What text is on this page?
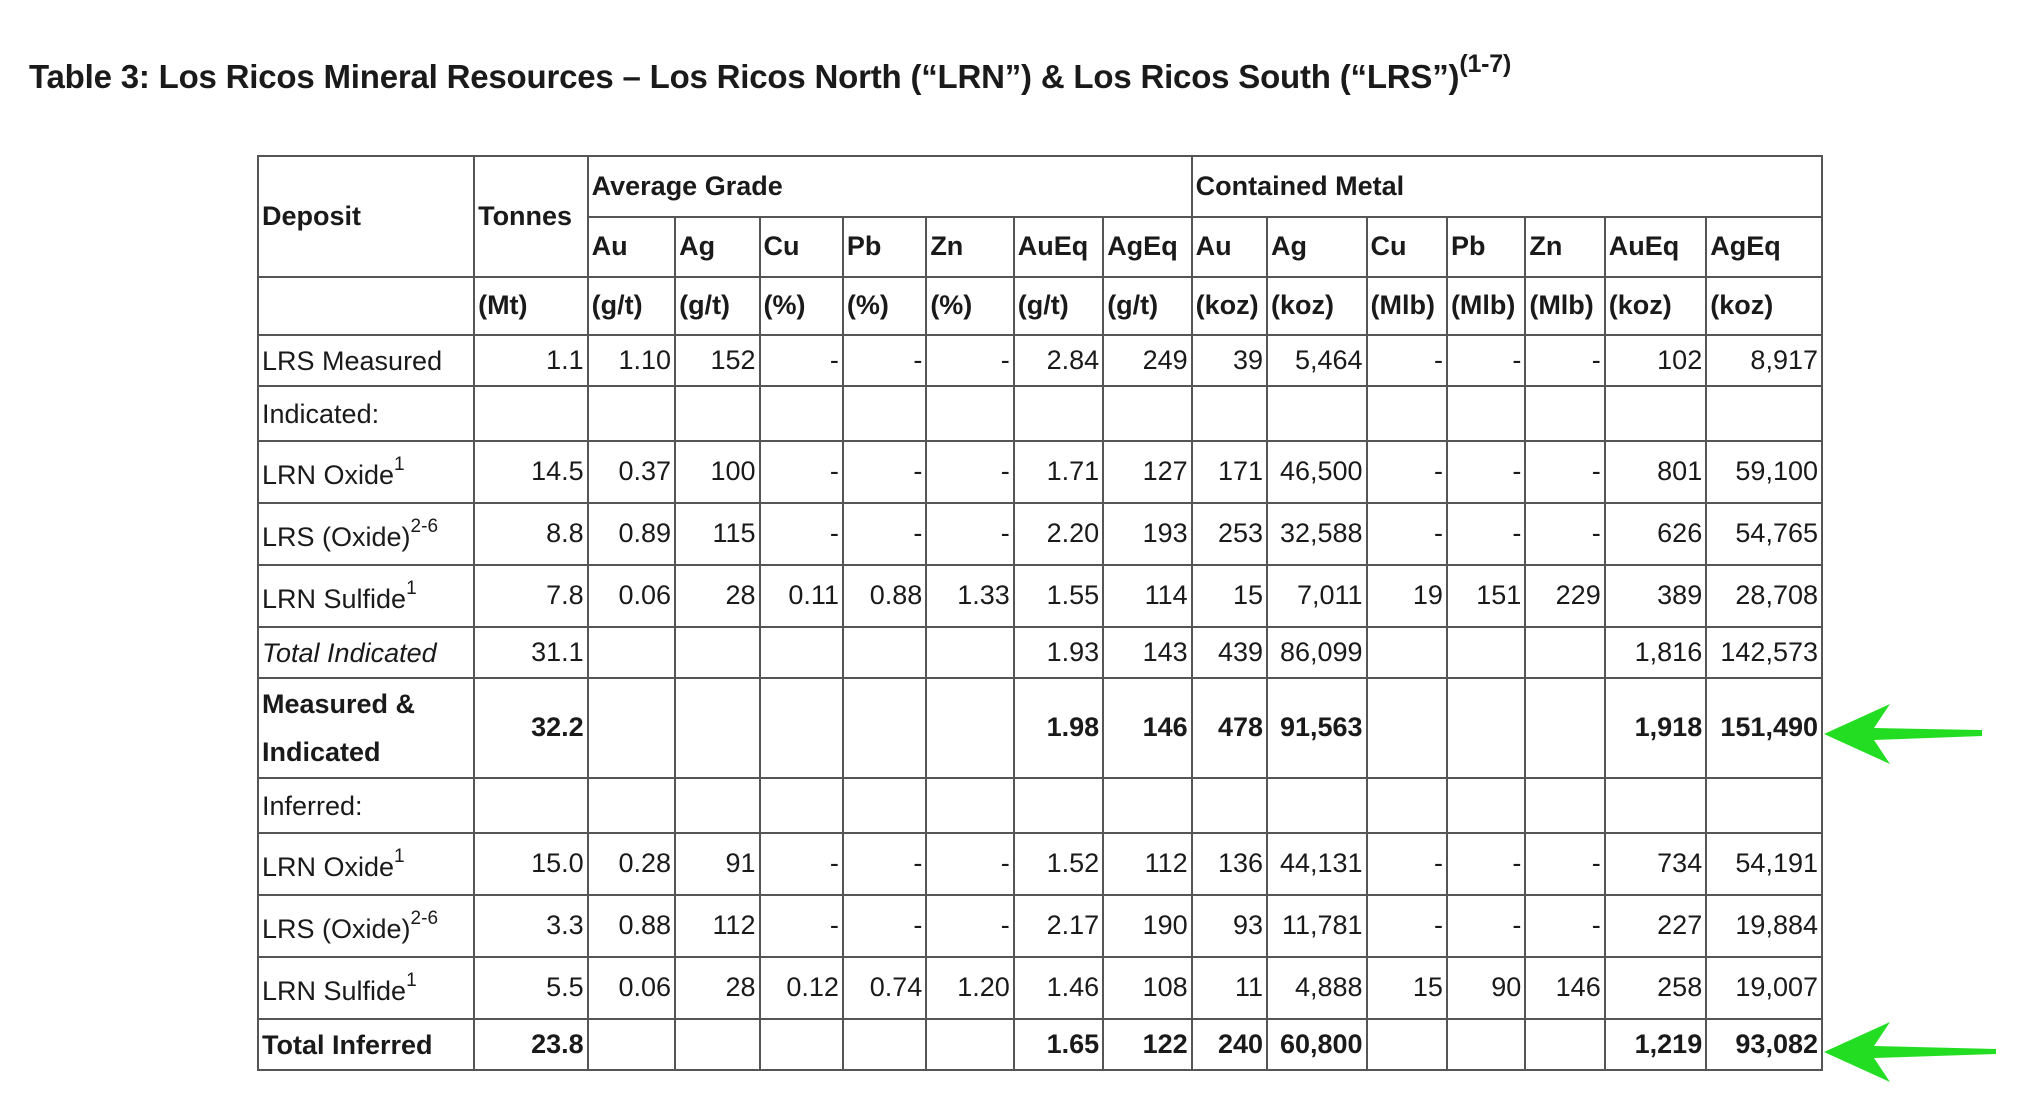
Table 3: Los Ricos Mineral Resources – Los Ricos North (“LRN”) & Los Ricos South (“LRS”)$^{(1-7)}$
Deposit	Tonnes	Average Grade							Contained Metal						
		Au	Ag	Cu	Pb	Zn	AuEq	AgEq	Au	Ag	Cu	Pb	Zn	AuEq	AgEq
	(Mt)	(g/t)	(g/t)	(%)	(%)	(%)	(g/t)	(g/t)	(koz)	(koz)	(Mlb)	(Mlb)	(Mlb)	(koz)	(koz)
LRS Measured	1.1	1.10	152	-	-	-	2.84	249	39	5,464	-	-	-	102	8,917
Indicated:															
LRN Oxide$^1$	14.5	0.37	100	-	-	-	1.71	127	171	46,500	-	-	-	801	59,100
LRS (Oxide)$^{2-6}$	8.8	0.89	115	-	-	-	2.20	193	253	32,588	-	-	-	626	54,765
LRN Sulfide$^1$	7.8	0.06	28	0.11	0.88	1.33	1.55	114	15	7,011	19	151	229	389	28,708
Total Indicated	31.1						1.93	143	439	86,099				1,816	142,573
Measured & Indicated	32.2						1.98	146	478	91,563				1,918	151,490
Inferred:															
LRN Oxide$^1$	15.0	0.28	91	-	-	-	1.52	112	136	44,131	-	-	-	734	54,191
LRS (Oxide)$^{2-6}$	3.3	0.88	112	-	-	-	2.17	190	93	11,781	-	-	-	227	19,884
LRN Sulfide$^1$	5.5	0.06	28	0.12	0.74	1.20	1.46	108	11	4,888	15	90	146	258	19,007
Total Inferred	23.8						1.65	122	240	60,800				1,219	93,082
